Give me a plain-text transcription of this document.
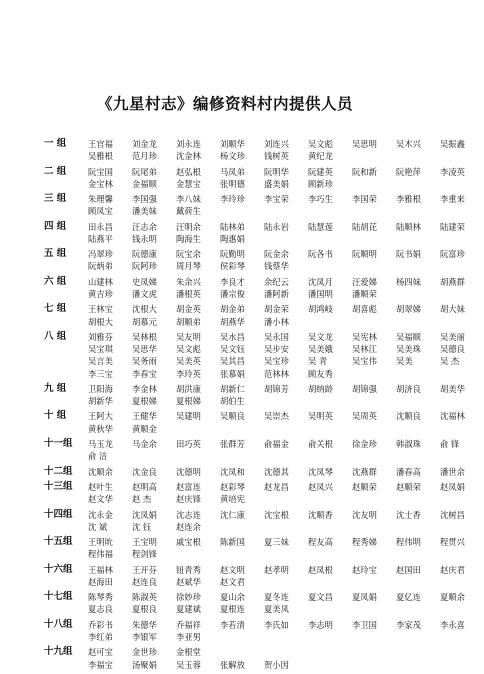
《九星村志》编修资料村内提供人员
一 组	王官福	刘金龙	刘永连	刘顺华	刘连兴	吴文彪	吴思明	吴木兴	吴振鑫
吴雅根	范月珍	沈金林	杨文珍	钱树英	黄纪龙
二 组	阮宝国	阮尾弟	赵弘根	马凤弟	阮明华	阮建英	阮和新	阮艳萍	李凌英
金宝林	金福顺	金慧宝	张明德	盛美娟	顾新珍
三 组	朱理馨	李国强	李八妹	李玲珍	李宝荣	李巧生	李国荣	李雅根	李重来
顾凤宝	潘美妹	戴荷生
四 组	田永昌	汪志余	汪明余	陆林弟	陆永岩	陆慧莲	陆胡芘	陆顺林	陆建荣
陆燕平	钱永明	陶海生	陶惠娟
五 组	冯翠珍	阮德康	阮宝余	阮勤明	阮金余	阮各书	阮顺明	阮书娟	阮富珍
阮炳弟	阮阿珍	周月琴	侯彩琴	钱蔡华
六 组	山建林	史凤娣	朱余兴	李良才	余纪云	沈凤月	汪爱娣	杨四妹	胡燕群
黄吉珍	潘文虎	潘根英	潘宗俊	潘阿新	潘国明	潘顺荣
七 组	王林宝	沈根大	胡金英	胡金弟	胡金荣	胡鸿岐	胡喜彪	胡翠娣	胡大妹
胡根大	胡慕元	胡顺弟	胡燕华	潘小林
八 组	刘雅芬	吴林根	吴友明	吴水昌	吴永国	吴文龙	吴宪林	吴福顺	吴美丽
吴宝琪	吴思华	吴文彪	吴文钰	吴步安	吴美娥	吴林江	吴美珠	吴德良
吴言美	吴务雨	吴美英	吴其昌	吴宝珍	吴 青	吴宝伟	吴美	吴 杰
李三宝	李春宝	李玲英	张慕娟	范林林	顾友秀
九 组	卫阳海	李金林	胡洪康	胡新仁	胡锦芳	胡纳龄	胡锦强	胡济良	胡美华
胡新华	夏根娣	夏根娣	胡伯生
十 组	王阿大	王健华	吴建明	吴顺良	吴崇杰	吴明英	吴周英	沈顺良	沈福林
黄秋华	黄顺金
十一组	马玉龙	马金余	田巧英	张群芳	俞福金	俞关根	徐金珍	韩淑珠	俞 锋
俞 洁
十二组	沈顺余	沈金良	沈德明	沈凤和	沈德其	沈凤琴	沈燕群	潘春高	潘世余
十三组	赵叶生	赵明高	赵富连	赵彩琴	赵龙昌	赵凤兴	赵顺荣	赵顺荣	赵凤娟
赵文华	赵 杰	赵庆锋	黄培宪
十四组	沈永金	沈凤娟	沈志连	沈仁康	沈宝根	沈顺香	沈友明	沈士香	沈树昌
沈 斌	沈 钰	赵连余
十五组	王明吮	王宝明	戚宝根	陈新国	夏三妹	程友高	程秀娣	程伟明	程贯兴
程伟福	程剑锋
十六组	王福林	王开芬	钮青秀	赵文明	赵孝明	赵凤根	赵玲宝	赵国田	赵庆君
赵海田	赵连良	赵斌华	赵文君
十七组	陈琴秀	陈淑英	徐妙珍	夏山余	夏冬连	夏文昌	夏凤娟	夏亿连	夏顺余
夏志良	夏根良	夏建斌	夏根连	夏美凤
十八组	乔彩书	朱德华	乔福祥	李若清	李氏如	李志明	李卫国	李家茂	李永喜
李红弟	李银军	李亚男
十九组	赵可宝	金世珍	金根堂
李福宝	汤聚娟	吴玉蓉	张解放	贺小因
